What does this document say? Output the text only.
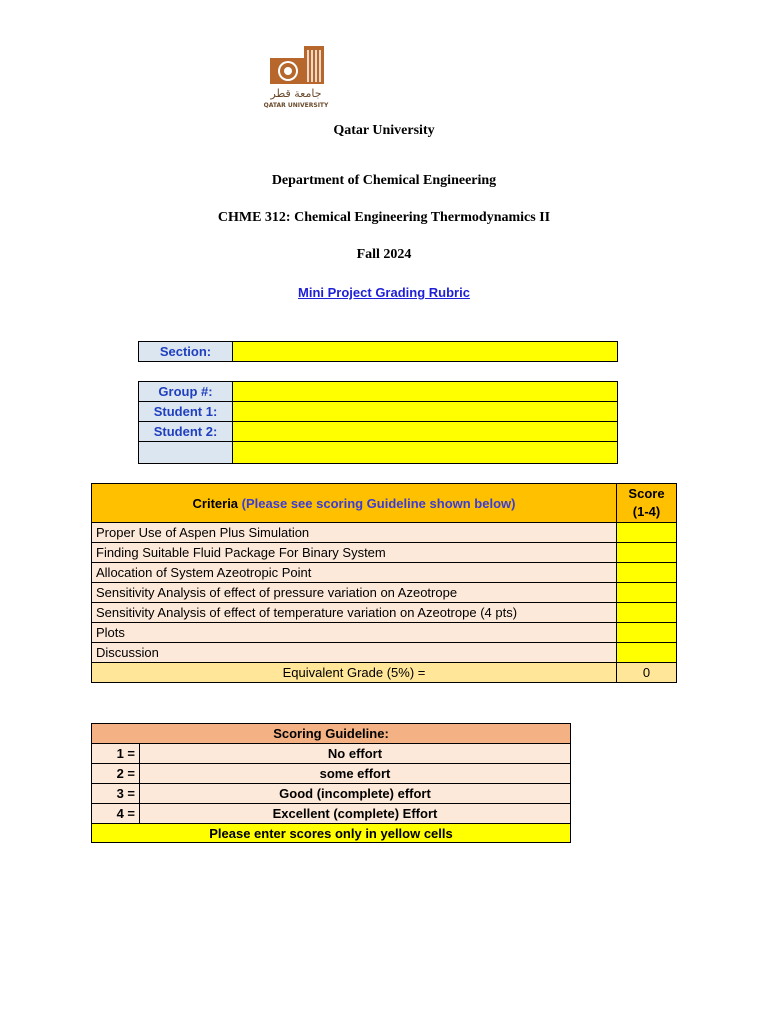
جامعة قطر
QATAR UNIVERSITY
Qatar University
Department of Chemical Engineering
CHME 312: Chemical Engineering Thermodynamics II
Fall 2024
Mini Project Grading Rubric
Section:	
Group #:	
Student 1:	
Student 2:	

Criteria (Please see scoring Guideline shown below)	Score (1-4)
Proper Use of Aspen Plus Simulation	
Finding Suitable Fluid Package For Binary System	
Allocation of System Azeotropic Point	
Sensitivity Analysis of effect of pressure variation on Azeotrope	
Sensitivity Analysis of effect of temperature variation on Azeotrope (4 pts)	
Plots	
Discussion	
Equivalent Grade (5%) =	0
Scoring Guideline:	
1 =	No effort
2 =	some effort
3 =	Good (incomplete) effort
4 =	Excellent (complete) Effort
Please enter scores only in yellow cells	
